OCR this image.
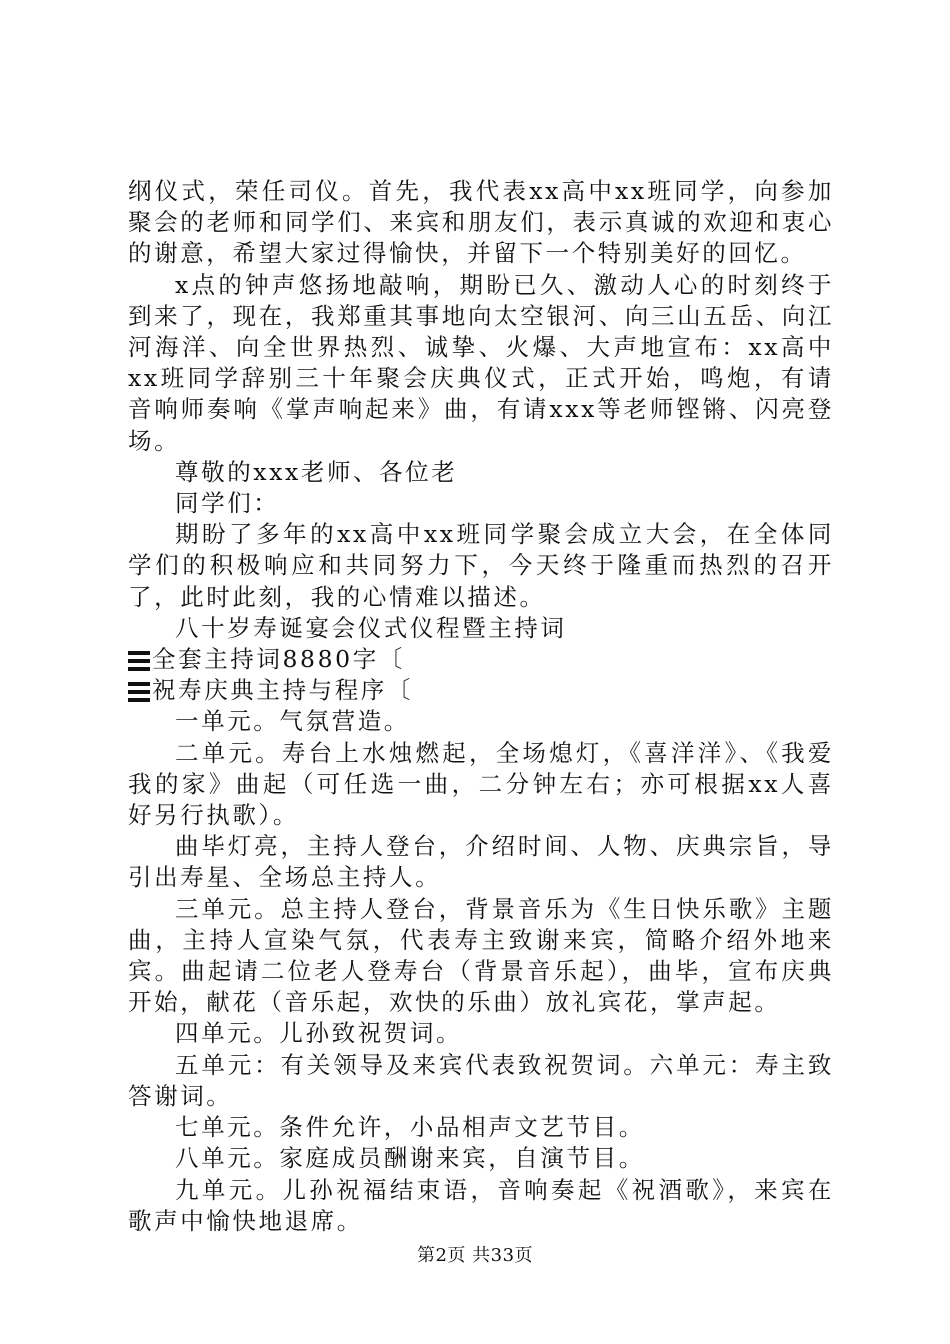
纲仪式，荣任司仪。首先，我代表xx高中xx班同学，向参加聚会的老师和同学们、来宾和朋友们，表示真诚的欢迎和衷心的谢意，希望大家过得愉快，并留下一个特别美好的回忆。

x点的钟声悠扬地敲响，期盼已久、激动人心的时刻终于到来了，现在，我郑重其事地向太空银河、向三山五岳、向江河海洋、向全世界热烈、诚挚、火爆、大声地宣布：xx高中xx班同学辞别三十年聚会庆典仪式，正式开始，鸣炮，有请音响师奏响《掌声响起来》曲，有请xxx等老师铿锵、闪亮登场。

尊敬的xxx老师、各位老

同学们：

期盼了多年的xx高中xx班同学聚会成立大会，在全体同学们的积极响应和共同努力下，今天终于隆重而热烈的召开了，此时此刻，我的心情难以描述。

八十岁寿诞宴会仪式仪程暨主持词

全套主持词8880字〔

祝寿庆典主持与程序〔

一单元。气氛营造。

二单元。寿台上水烛燃起，全场熄灯，《喜洋洋》、《我爱我的家》曲起（可任选一曲，二分钟左右；亦可根据xx人喜好另行执歌）。

曲毕灯亮，主持人登台，介绍时间、人物、庆典宗旨，导引出寿星、全场总主持人。

三单元。总主持人登台，背景音乐为《生日快乐歌》主题曲，主持人宣染气氛，代表寿主致谢来宾，简略介绍外地来宾。曲起请二位老人登寿台（背景音乐起），曲毕，宣布庆典开始，献花（音乐起，欢快的乐曲）放礼宾花，掌声起。

四单元。儿孙致祝贺词。

五单元：有关领导及来宾代表致祝贺词。六单元：寿主致答谢词。

七单元。条件允许，小品相声文艺节目。

八单元。家庭成员酬谢来宾，自演节目。

九单元。儿孙祝福结束语，音响奏起《祝酒歌》，来宾在歌声中愉快地退席。

第2页 共33页
